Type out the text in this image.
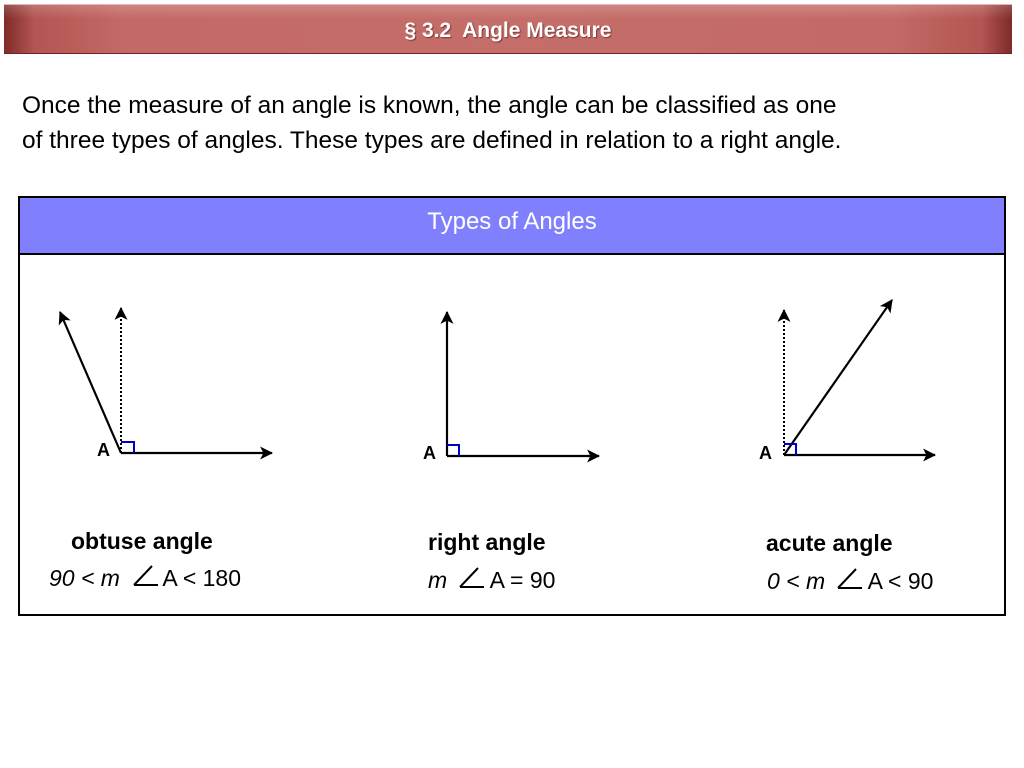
§ 3.2  Angle Measure

Once the measure of an angle is known, the angle can be classified as one
of three types of angles. These types are defined in relation to a right angle.

Types of Angles
A	A	A
obtuse angle	right angle	acute angle
90 < m A < 180	m A = 90	0 < m A < 90
